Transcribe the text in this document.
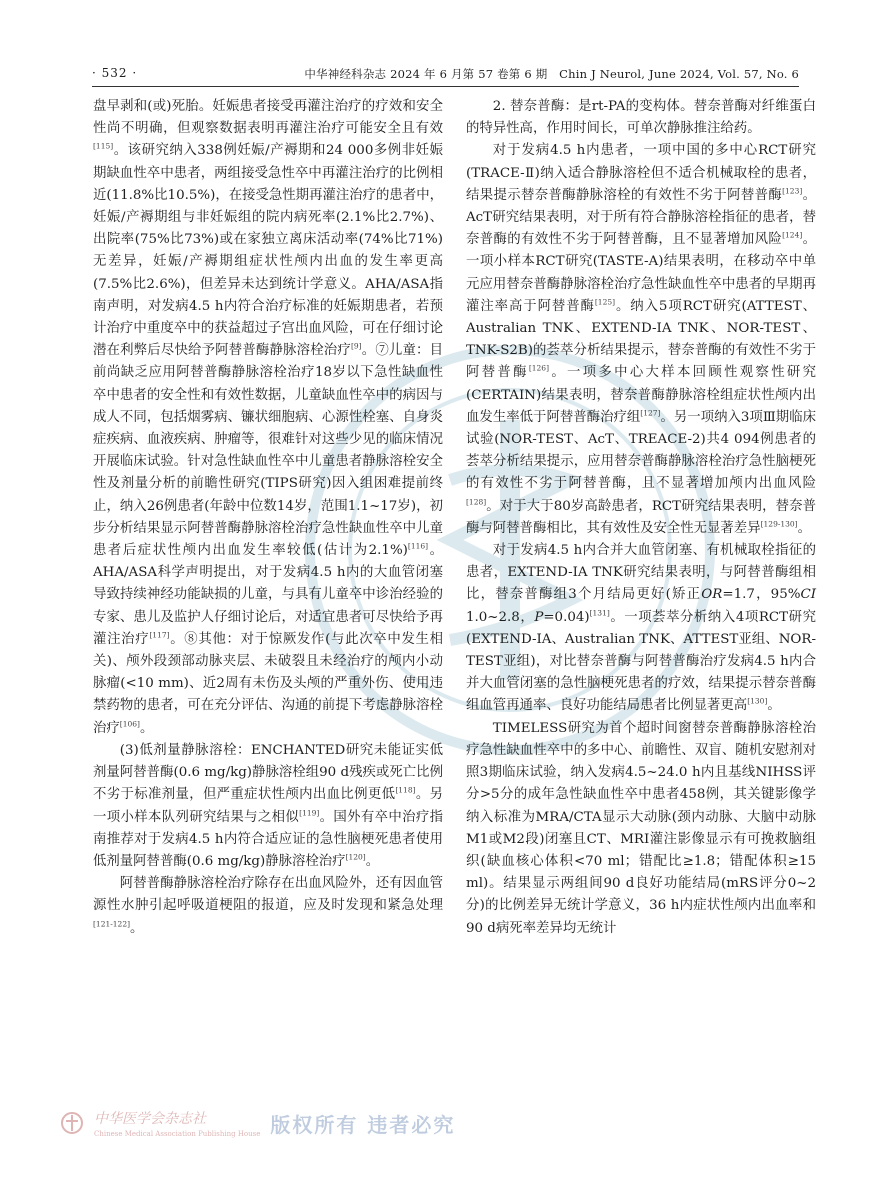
· 532 ·	中华神经科杂志 2024 年 6 月第 57 卷第 6 期　Chin J Neurol, June 2024, Vol. 57, No. 6

盘早剥和(或)死胎。妊娠患者接受再灌注治疗的疗效和安全性尚不明确，但观察数据表明再灌注治疗可能安全且有效[115]。该研究纳入338例妊娠/产褥期和24 000多例非妊娠期缺血性卒中患者，两组接受急性卒中再灌注治疗的比例相近(11.8%比10.5%)，在接受急性期再灌注治疗的患者中，妊娠/产褥期组与非妊娠组的院内病死率(2.1%比2.7%)、出院率(75%比73%)或在家独立离床活动率(74%比71%)无差异，妊娠/产褥期组症状性颅内出血的发生率更高(7.5%比2.6%)，但差异未达到统计学意义。AHA/ASA指南声明，对发病4.5 h内符合治疗标准的妊娠期患者，若预计治疗中重度卒中的获益超过子宫出血风险，可在仔细讨论潜在利弊后尽快给予阿替普酶静脉溶栓治疗[9]。⑦儿童：目前尚缺乏应用阿替普酶静脉溶栓治疗18岁以下急性缺血性卒中患者的安全性和有效性数据，儿童缺血性卒中的病因与成人不同，包括烟雾病、镰状细胞病、心源性栓塞、自身炎症疾病、血液疾病、肿瘤等，很难针对这些少见的临床情况开展临床试验。针对急性缺血性卒中儿童患者静脉溶栓安全性及剂量分析的前瞻性研究(TIPS研究)因入组困难提前终止，纳入26例患者(年龄中位数14岁，范围1.1~17岁)，初步分析结果显示阿替普酶静脉溶栓治疗急性缺血性卒中儿童患者后症状性颅内出血发生率较低(估计为2.1%)[116]。AHA/ASA科学声明提出，对于发病4.5 h内的大血管闭塞导致持续神经功能缺损的儿童，与具有儿童卒中诊治经验的专家、患儿及监护人仔细讨论后，对适宜患者可尽快给予再灌注治疗[117]。⑧其他：对于惊厥发作(与此次卒中发生相关)、颅外段颈部动脉夹层、未破裂且未经治疗的颅内小动脉瘤(<10 mm)、近2周有未伤及头颅的严重外伤、使用违禁药物的患者，可在充分评估、沟通的前提下考虑静脉溶栓治疗[106]。

(3)低剂量静脉溶栓：ENCHANTED研究未能证实低剂量阿替普酶(0.6 mg/kg)静脉溶栓组90 d残疾或死亡比例不劣于标准剂量，但严重症状性颅内出血比例更低[118]。另一项小样本队列研究结果与之相似[119]。国外有卒中治疗指南推荐对于发病4.5 h内符合适应证的急性脑梗死患者使用低剂量阿替普酶(0.6 mg/kg)静脉溶栓治疗[120]。

阿替普酶静脉溶栓治疗除存在出血风险外，还有因血管源性水肿引起呼吸道梗阻的报道，应及时发现和紧急处理[121-122]。

2. 替奈普酶：是rt-PA的变构体。替奈普酶对纤维蛋白的特异性高，作用时间长，可单次静脉推注给药。

对于发病4.5 h内患者，一项中国的多中心RCT研究(TRACE-Ⅱ)纳入适合静脉溶栓但不适合机械取栓的患者，结果提示替奈普酶静脉溶栓的有效性不劣于阿替普酶[123]。AcT研究结果表明，对于所有符合静脉溶栓指征的患者，替奈普酶的有效性不劣于阿替普酶，且不显著增加风险[124]。一项小样本RCT研究(TASTE-A)结果表明，在移动卒中单元应用替奈普酶静脉溶栓治疗急性缺血性卒中患者的早期再灌注率高于阿替普酶[125]。纳入5项RCT研究(ATTEST、Australian TNK、EXTEND-IA TNK、NOR-TEST、TNK-S2B)的荟萃分析结果提示，替奈普酶的有效性不劣于阿替普酶[126]。一项多中心大样本回顾性观察性研究(CERTAIN)结果表明，替奈普酶静脉溶栓组症状性颅内出血发生率低于阿替普酶治疗组[127]。另一项纳入3项Ⅲ期临床试验(NOR-TEST、AcT、TREACE-2)共4 094例患者的荟萃分析结果提示，应用替奈普酶静脉溶栓治疗急性脑梗死的有效性不劣于阿替普酶，且不显著增加颅内出血风险[128]。对于大于80岁高龄患者，RCT研究结果表明，替奈普酶与阿替普酶相比，其有效性及安全性无显著差异[129-130]。

对于发病4.5 h内合并大血管闭塞、有机械取栓指征的患者，EXTEND-IA TNK研究结果表明，与阿替普酶组相比，替奈普酶组3个月结局更好(矫正OR=1.7，95%CI 1.0~2.8，P=0.04)[131]。一项荟萃分析纳入4项RCT研究(EXTEND-IA、Australian TNK、ATTEST亚组、NOR-TEST亚组)，对比替奈普酶与阿替普酶治疗发病4.5 h内合并大血管闭塞的急性脑梗死患者的疗效，结果提示替奈普酶组血管再通率、良好功能结局患者比例显著更高[130]。

TIMELESS研究为首个超时间窗替奈普酶静脉溶栓治疗急性缺血性卒中的多中心、前瞻性、双盲、随机安慰剂对照3期临床试验，纳入发病4.5~24.0 h内且基线NIHSS评分>5分的成年急性缺血性卒中患者458例，其关键影像学纳入标准为MRA/CTA显示大动脉(颈内动脉、大脑中动脉M1或M2段)闭塞且CT、MRI灌注影像显示有可挽救脑组织(缺血核心体积<70 ml；错配比≥1.8；错配体积≥15 ml)。结果显示两组间90 d良好功能结局(mRS评分0~2分)的比例差异无统计学意义，36 h内症状性颅内出血率和90 d病死率差异均无统计

中华医学会杂志社
Chinese Medical Association Publishing House 版权所有 违者必究
